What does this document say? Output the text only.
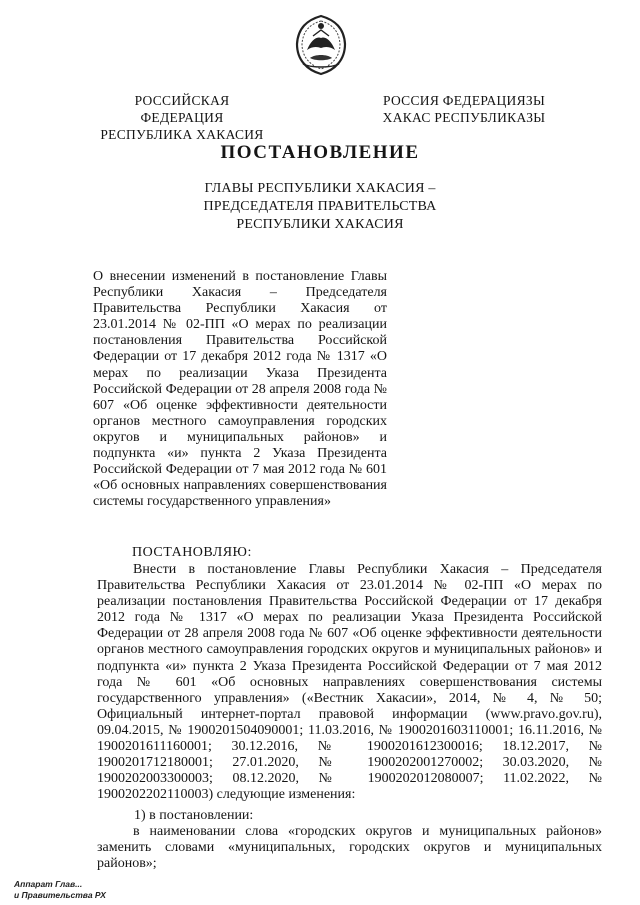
РОССИЙСКАЯ ФЕДЕРАЦИЯ
РЕСПУБЛИКА ХАКАСИЯ
РОССИЯ ФЕДЕРАЦИЯЗЫ
ХАКАС РЕСПУБЛИКАЗЫ
ПОСТАНОВЛЕНИЕ
ГЛАВЫ РЕСПУБЛИКИ ХАКАСИЯ –
ПРЕДСЕДАТЕЛЯ ПРАВИТЕЛЬСТВА
РЕСПУБЛИКИ ХАКАСИЯ

О внесении изменений в постановление Главы Республики Хакасия – Председателя Правительства Республики Хакасия от 23.01.2014 № 02-ПП «О мерах по реализации постановления Правительства Российской Федерации от 17 декабря 2012 года № 1317 «О мерах по реализации Указа Президента Российской Федерации от 28 апреля 2008 года № 607 «Об оценке эффективности деятельности органов местного самоуправления городских округов и муниципальных районов» и подпункта «и» пункта 2 Указа Президента Российской Федерации от 7 мая 2012 года № 601 «Об основных направлениях совершенствования системы государственного управления»

ПОСТАНОВЛЯЮ:

Внести в постановление Главы Республики Хакасия – Председателя Правительства Республики Хакасия от 23.01.2014 № 02-ПП «О мерах по реализации постановления Правительства Российской Федерации от 17 декабря 2012 года № 1317 «О мерах по реализации Указа Президента Российской Федерации от 28 апреля 2008 года № 607 «Об оценке эффективности деятельности органов местного самоуправления городских округов и муниципальных районов» и подпункта «и» пункта 2 Указа Президента Российской Федерации от 7 мая 2012 года № 601 «Об основных направлениях совершенствования системы государственного управления» («Вестник Хакасии», 2014, № 4, № 50; Официальный интернет-портал правовой информации (www.pravo.gov.ru), 09.04.2015, № 1900201504090001; 11.03.2016, № 1900201603110001; 16.11.2016, № 1900201611160001; 30.12.2016, № 1900201612300016; 18.12.2017, № 1900201712180001; 27.01.2020, № 1900202001270002; 30.03.2020, № 1900202003300003; 08.12.2020, № 1900202012080007; 11.02.2022, № 1900202202110003) следующие изменения:

1) в постановлении:
в наименовании слова «городских округов и муниципальных районов» заменить словами «муниципальных, городских округов и муниципальных районов»;
Аппарат Глав...
и Правительства РХ
